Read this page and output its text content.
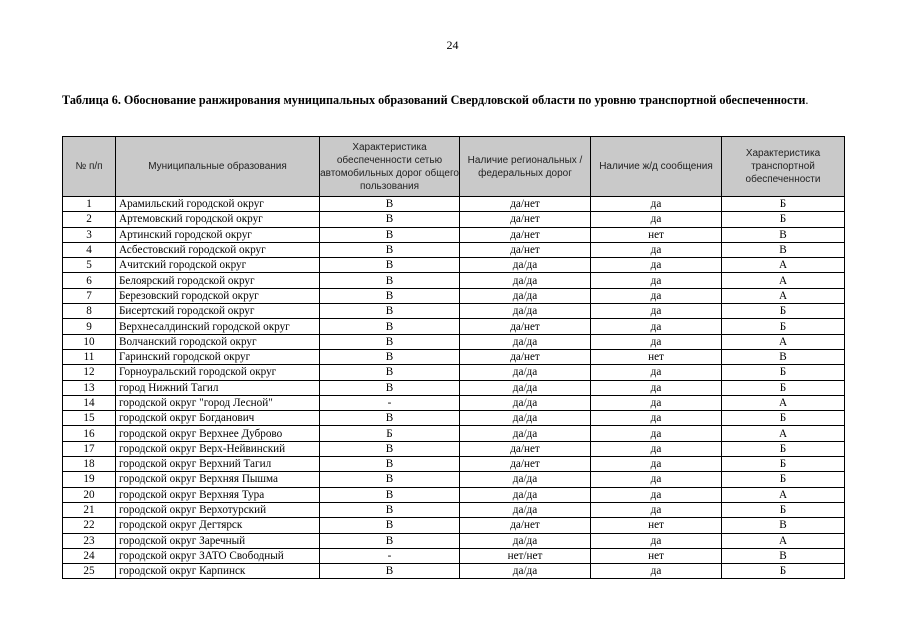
24
Таблица 6. Обоснование ранжирования муниципальных образований Свердловской области по уровню транспортной обеспеченности.
№ п/п	Муниципальные образования	Характеристика обеспеченности сетью автомобильных дорог общего пользования	Наличие региональных / федеральных дорог	Наличие ж/д сообщения	Характеристика транспортной обеспеченности
1	Арамильский городской округ	В	да/нет	да	Б
2	Артемовский городской округ	В	да/нет	да	Б
3	Артинский городской округ	В	да/нет	нет	В
4	Асбестовский городской округ	В	да/нет	да	В
5	Ачитский городской округ	В	да/да	да	А
6	Белоярский городской округ	В	да/да	да	А
7	Березовский городской округ	В	да/да	да	А
8	Бисертский городской округ	В	да/да	да	Б
9	Верхнесалдинский городской округ	В	да/нет	да	Б
10	Волчанский городской округ	В	да/да	да	А
11	Гаринский городской округ	В	да/нет	нет	В
12	Горноуральский городской округ	В	да/да	да	Б
13	город Нижний Тагил	В	да/да	да	Б
14	городской округ "город Лесной"	-	да/да	да	А
15	городской округ Богданович	В	да/да	да	Б
16	городской округ Верхнее Дуброво	Б	да/да	да	А
17	городской округ Верх-Нейвинский	В	да/нет	да	Б
18	городской округ Верхний Тагил	В	да/нет	да	Б
19	городской округ Верхняя Пышма	В	да/да	да	Б
20	городской округ Верхняя Тура	В	да/да	да	А
21	городской округ Верхотурский	В	да/да	да	Б
22	городской округ Дегтярск	В	да/нет	нет	В
23	городской округ Заречный	В	да/да	да	А
24	городской округ ЗАТО Свободный	-	нет/нет	нет	В
25	городской округ Карпинск	В	да/да	да	Б
